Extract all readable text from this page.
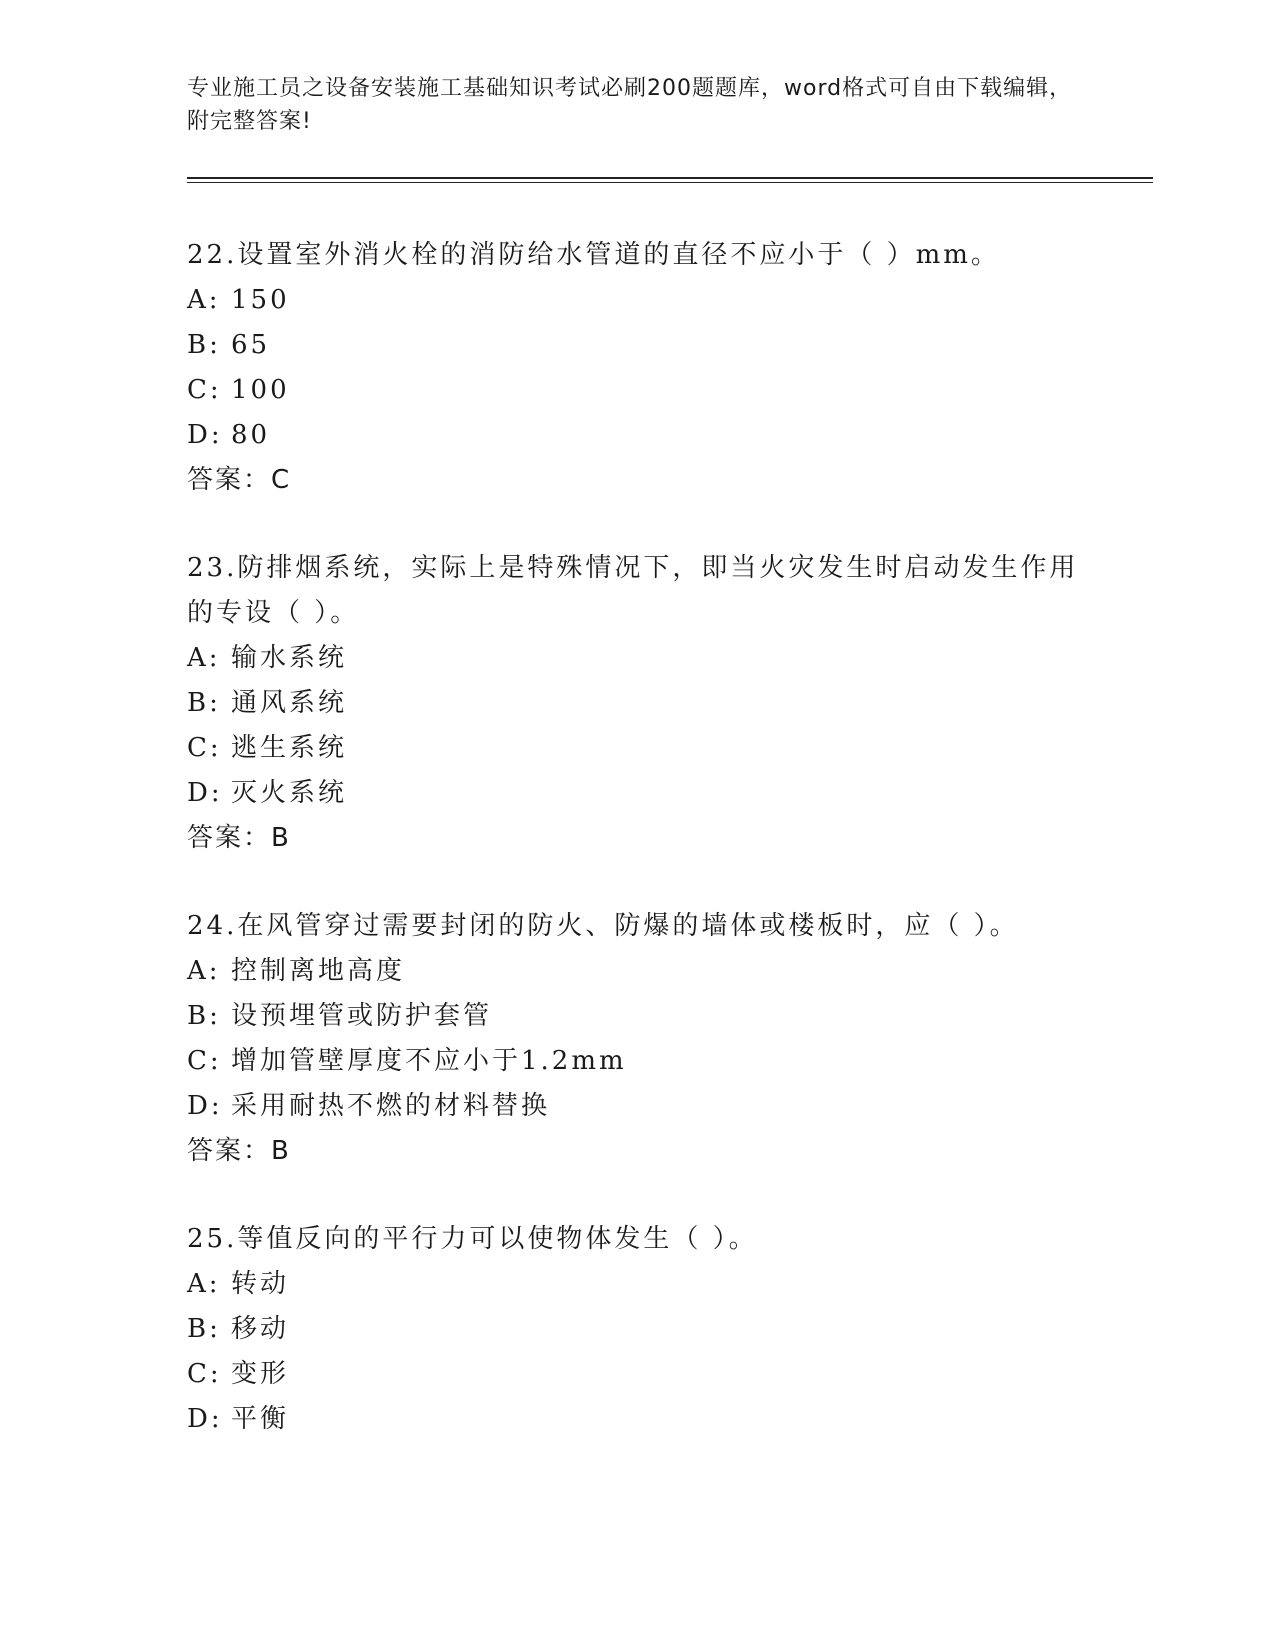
专业施工员之设备安装施工基础知识考试必刷200题题库，word格式可自由下载编辑，附完整答案!
22.设置室外消火栓的消防给水管道的直径不应小于（ ）mm。
A: 150
B: 65
C: 100
D: 80
答案：C
23.防排烟系统，实际上是特殊情况下，即当火灾发生时启动发生作用的专设（ ）。
A: 输水系统
B: 通风系统
C: 逃生系统
D: 灭火系统
答案：B
24.在风管穿过需要封闭的防火、防爆的墙体或楼板时，应（ ）。
A: 控制离地高度
B: 设预埋管或防护套管
C: 增加管壁厚度不应小于1.2mm
D: 采用耐热不燃的材料替换
答案：B
25.等值反向的平行力可以使物体发生（ ）。
A: 转动
B: 移动
C: 变形
D: 平衡
